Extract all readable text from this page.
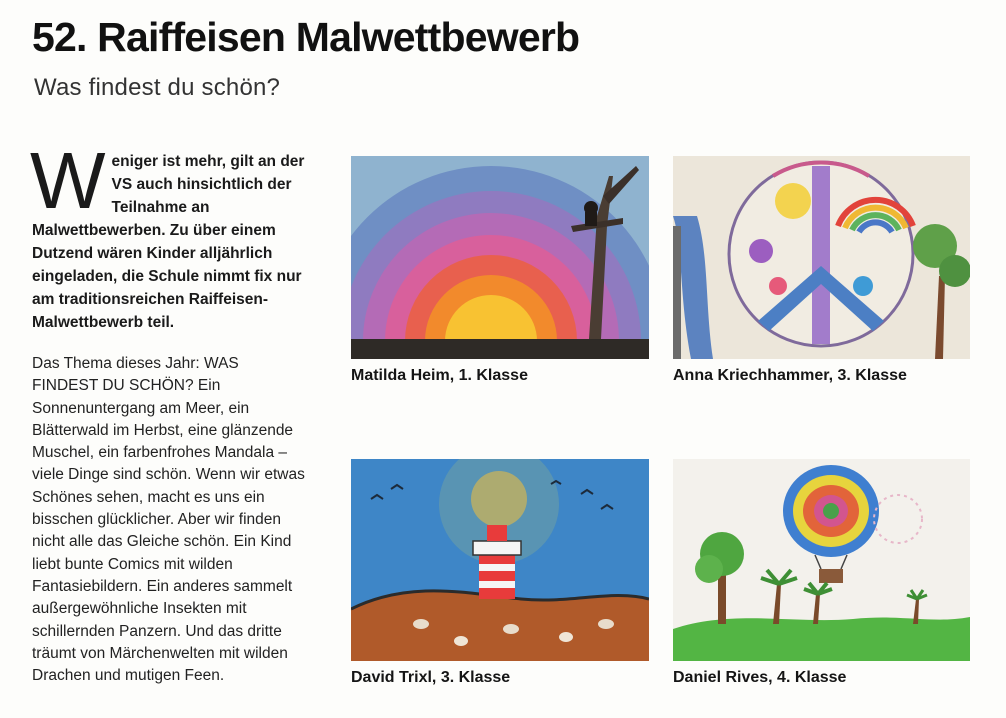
52. Raiffeisen Malwettbewerb
Was findest du schön?
W eniger ist mehr, gilt an der VS auch hinsichtlich der Teilnahme an Malwettbewerben. Zu über einem Dutzend wären Kinder alljährlich eingeladen, die Schule nimmt fix nur am traditionsreichen Raiffeisen-Malwettbewerb teil.

Das Thema dieses Jahr: WAS FINDEST DU SCHÖN? Ein Sonnenuntergang am Meer, ein Blätterwald im Herbst, eine glänzende Muschel, ein farbenfrohes Mandala – viele Dinge sind schön. Wenn wir etwas Schönes sehen, macht es uns ein bisschen glücklicher. Aber wir finden nicht alle das Gleiche schön. Ein Kind liebt bunte Comics mit wilden Fantasiebildern. Ein anderes sammelt außergewöhnliche Insekten mit schillernden Panzern. Und das dritte träumt von Märchenwelten mit wilden Drachen und mutigen Feen.

Matilda Heim, 1. Klasse	Anna Kriechhammer, 3. Klasse
David Trixl, 3. Klasse	Daniel Rives, 4. Klasse
